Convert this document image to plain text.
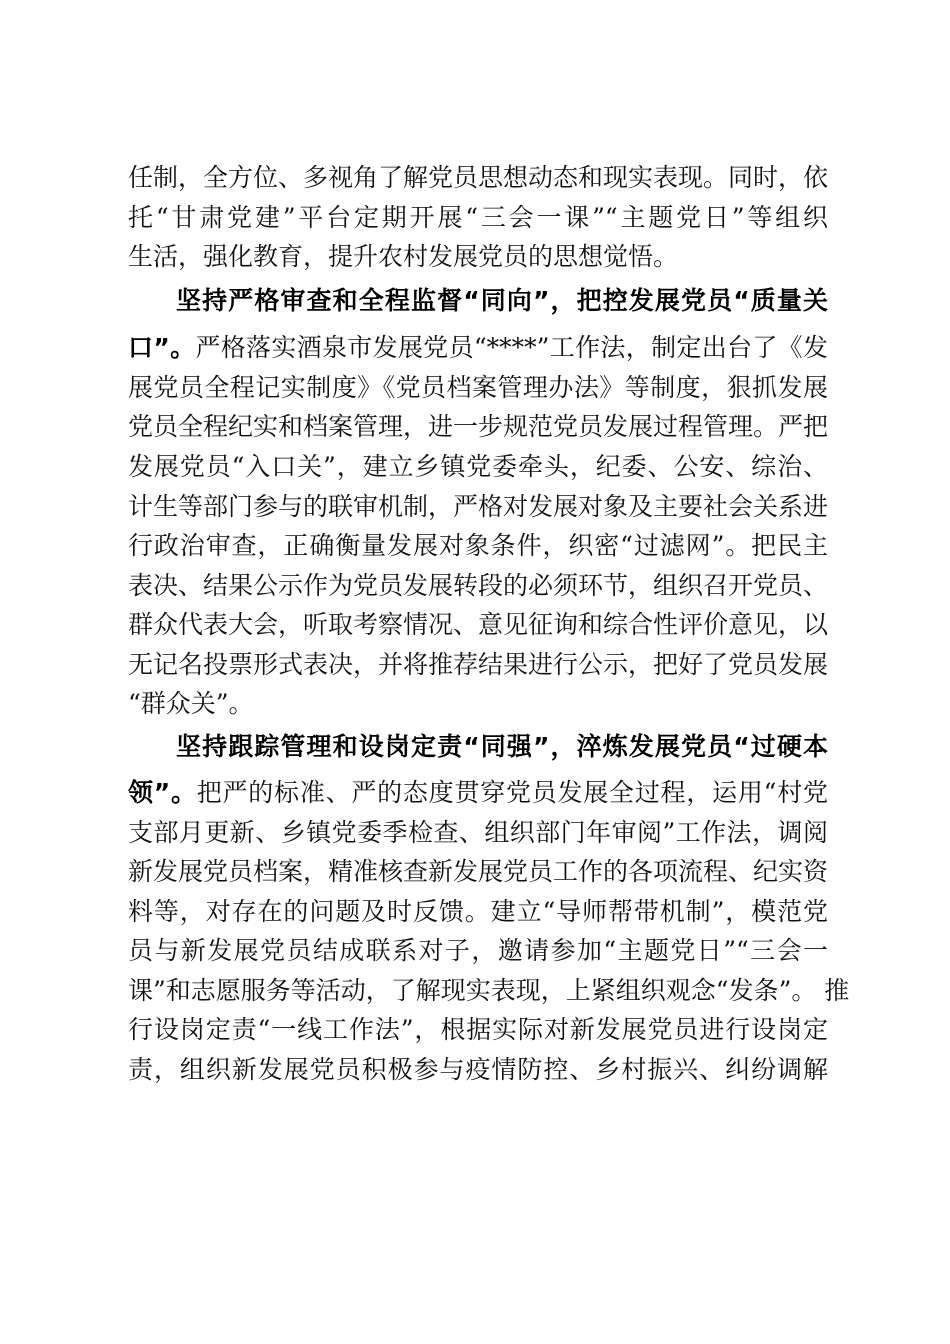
任制，全方位、多视角了解党员思想动态和现实表现。同时，依
托“甘肃党建”平台定期开展“三会一课”“主题党日”等组织
生活，强化教育，提升农村发展党员的思想觉悟。
坚持严格审查和全程监督“同向”，把控发展党员“质量关
口”。严格落实酒泉市发展党员“****”工作法，制定出台了《发
展党员全程记实制度》《党员档案管理办法》等制度，狠抓发展
党员全程纪实和档案管理，进一步规范党员发展过程管理。严把
发展党员“入口关”，建立乡镇党委牵头，纪委、公安、综治、
计生等部门参与的联审机制，严格对发展对象及主要社会关系进
行政治审查，正确衡量发展对象条件，织密“过滤网”。把民主
表决、结果公示作为党员发展转段的必须环节，组织召开党员、
群众代表大会，听取考察情况、意见征询和综合性评价意见，以
无记名投票形式表决，并将推荐结果进行公示，把好了党员发展
“群众关”。
坚持跟踪管理和设岗定责“同强”，淬炼发展党员“过硬本
领”。把严的标准、严的态度贯穿党员发展全过程，运用“村党
支部月更新、乡镇党委季检查、组织部门年审阅”工作法，调阅
新发展党员档案，精准核查新发展党员工作的各项流程、纪实资
料等，对存在的问题及时反馈。建立“导师帮带机制”，模范党
员与新发展党员结成联系对子，邀请参加“主题党日”“三会一
课”和志愿服务等活动，了解现实表现，上紧组织观念“发条”。 推
行设岗定责“一线工作法”，根据实际对新发展党员进行设岗定
责，组织新发展党员积极参与疫情防控、乡村振兴、纠纷调解
